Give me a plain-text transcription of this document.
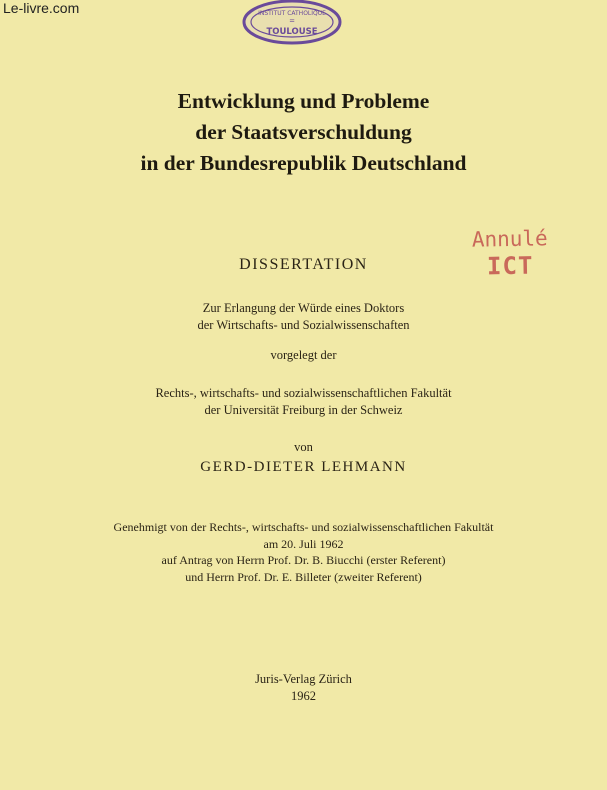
Le-livre.com	INSTITUT CATHOLIQUE
=
TOULOUSE
Annulé
ICT
Entwicklung und Probleme
der Staatsverschuldung
in der Bundesrepublik Deutschland
DISSERTATION
Zur Erlangung der Würde eines Doktors
der Wirtschafts- und Sozialwissenschaften
vorgelegt der
Rechts-, wirtschafts- und sozialwissenschaftlichen Fakultät
der Universität Freiburg in der Schweiz
von
GERD-DIETER LEHMANN
Genehmigt von der Rechts-, wirtschafts- und sozialwissenschaftlichen Fakultät
am 20. Juli 1962
auf Antrag von Herrn Prof. Dr. B. Biucchi (erster Referent)
und Herrn Prof. Dr. E. Billeter (zweiter Referent)
Juris-Verlag Zürich
1962
